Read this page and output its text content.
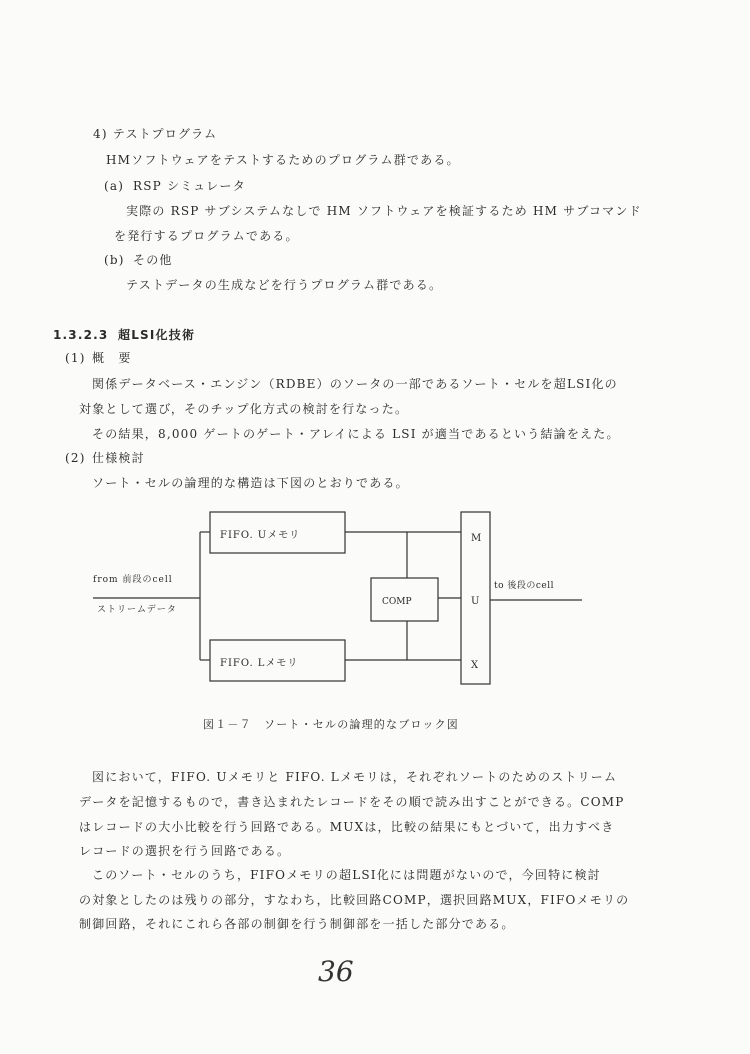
4) テストプログラム
HMソフトウェアをテストするためのプログラム群である。
(a) RSP シミュレータ
実際の RSP サブシステムなしで HM ソフトウェアを検証するため HM サブコマンド
を発行するプログラムである。
(b) その他
テストデータの生成などを行うプログラム群である。
1.3.2.3 超LSI化技術
(1) 概　要
関係データベース・エンジン（RDBE）のソータの一部であるソート・セルを超LSI化の
対象として選び，そのチップ化方式の検討を行なった。
その結果，8,000 ゲートのゲート・アレイによる LSI が適当であるという結論をえた。
(2) 仕様検討
ソート・セルの論理的な構造は下図のとおりである。
FIFO. Uメモリ
FIFO. Lメモリ
COMP
M
U
X
from 前段のcell
ストリームデータ
to 後段のcell
図１－７　ソート・セルの論理的なブロック図
図において，FIFO. Uメモリと FIFO. Lメモリは，それぞれソートのためのストリーム
データを記憶するもので，書き込まれたレコードをその順で読み出すことができる。COMP
はレコードの大小比較を行う回路である。MUXは，比較の結果にもとづいて，出力すべき
レコードの選択を行う回路である。
このソート・セルのうち，FIFOメモリの超LSI化には問題がないので，今回特に検討
の対象としたのは残りの部分，すなわち，比較回路COMP，選択回路MUX，FIFOメモリの
制御回路，それにこれら各部の制御を行う制御部を一括した部分である。
36
